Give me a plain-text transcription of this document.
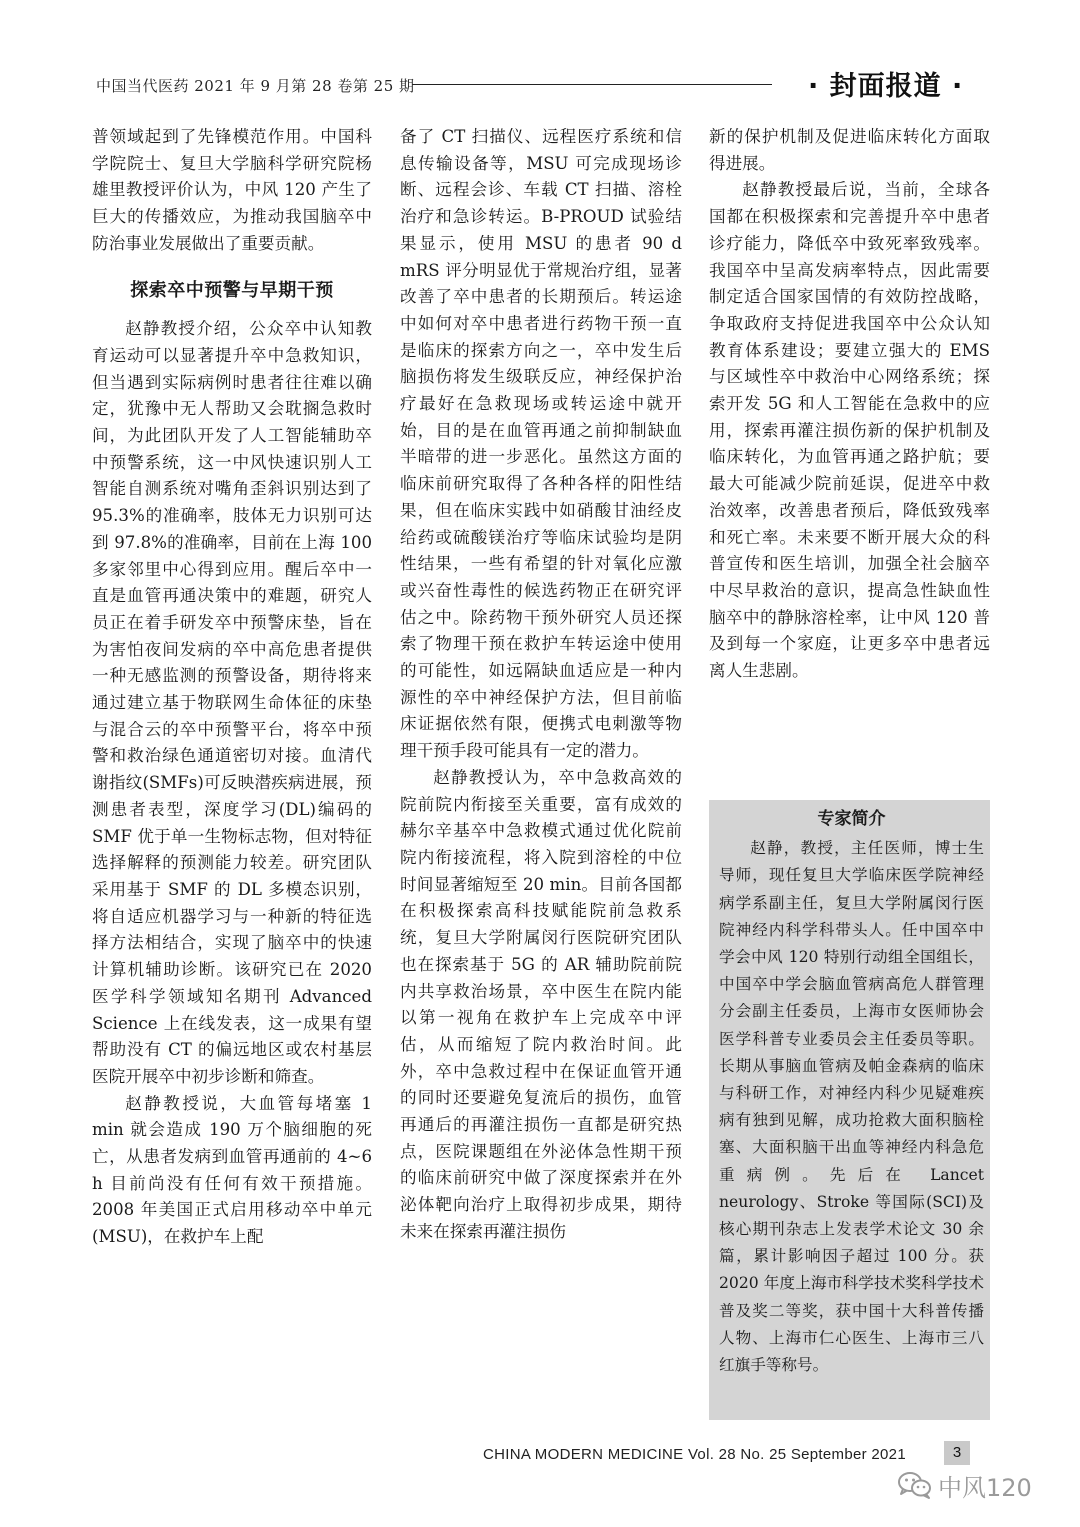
中国当代医药 2021 年 9 月第 28 卷第 25 期	· 封面报道 ·

普领域起到了先锋模范作用。中国科学院院士、复旦大学脑科学研究院杨雄里教授评价认为，中风 120 产生了巨大的传播效应，为推动我国脑卒中防治事业发展做出了重要贡献。

探索卒中预警与早期干预

赵静教授介绍，公众卒中认知教育运动可以显著提升卒中急救知识，但当遇到实际病例时患者往往难以确定，犹豫中无人帮助又会耽搁急救时间，为此团队开发了人工智能辅助卒中预警系统，这一中风快速识别人工智能自测系统对嘴角歪斜识别达到了 95.3%的准确率，肢体无力识别可达到 97.8%的准确率，目前在上海 100 多家邻里中心得到应用。醒后卒中一直是血管再通决策中的难题，研究人员正在着手研发卒中预警床垫，旨在为害怕夜间发病的卒中高危患者提供一种无感监测的预警设备，期待将来通过建立基于物联网生命体征的床垫与混合云的卒中预警平台，将卒中预警和救治绿色通道密切对接。血清代谢指纹(SMFs)可反映潜疾病进展，预测患者表型，深度学习(DL)编码的 SMF 优于单一生物标志物，但对特征选择解释的预测能力较差。研究团队采用基于 SMF 的 DL 多模态识别，将自适应机器学习与一种新的特征选择方法相结合，实现了脑卒中的快速计算机辅助诊断。该研究已在 2020 医学科学领域知名期刊 Advanced Science 上在线发表，这一成果有望帮助没有 CT 的偏远地区或农村基层医院开展卒中初步诊断和筛查。

赵静教授说，大血管每堵塞 1 min 就会造成 190 万个脑细胞的死亡，从患者发病到血管再通前的 4~6 h 目前尚没有任何有效干预措施。2008 年美国正式启用移动卒中单元(MSU)，在救护车上配

备了 CT 扫描仪、远程医疗系统和信息传输设备等，MSU 可完成现场诊断、远程会诊、车载 CT 扫描、溶栓治疗和急诊转运。B-PROUD 试验结果显示，使用 MSU 的患者 90 d mRS 评分明显优于常规治疗组，显著改善了卒中患者的长期预后。转运途中如何对卒中患者进行药物干预一直是临床的探索方向之一，卒中发生后脑损伤将发生级联反应，神经保护治疗最好在急救现场或转运途中就开始，目的是在血管再通之前抑制缺血半暗带的进一步恶化。虽然这方面的临床前研究取得了各种各样的阳性结果，但在临床实践中如硝酸甘油经皮给药或硫酸镁治疗等临床试验均是阴性结果，一些有希望的针对氧化应激或兴奋性毒性的候选药物正在研究评估之中。除药物干预外研究人员还探索了物理干预在救护车转运途中使用的可能性，如远隔缺血适应是一种内源性的卒中神经保护方法，但目前临床证据依然有限，便携式电刺激等物理干预手段可能具有一定的潜力。

赵静教授认为，卒中急救高效的院前院内衔接至关重要，富有成效的赫尔辛基卒中急救模式通过优化院前院内衔接流程，将入院到溶栓的中位时间显著缩短至 20 min。目前各国都在积极探索高科技赋能院前急救系统，复旦大学附属闵行医院研究团队也在探索基于 5G 的 AR 辅助院前院内共享救治场景，卒中医生在院内能以第一视角在救护车上完成卒中评估，从而缩短了院内救治时间。此外，卒中急救过程中在保证血管开通的同时还要避免复流后的损伤，血管再通后的再灌注损伤一直都是研究热点，医院课题组在外泌体急性期干预的临床前研究中做了深度探索并在外泌体靶向治疗上取得初步成果，期待未来在探索再灌注损伤

新的保护机制及促进临床转化方面取得进展。

赵静教授最后说，当前，全球各国都在积极探索和完善提升卒中患者诊疗能力，降低卒中致死率致残率。我国卒中呈高发病率特点，因此需要制定适合国家国情的有效防控战略，争取政府支持促进我国卒中公众认知教育体系建设；要建立强大的 EMS 与区域性卒中救治中心网络系统；探索开发 5G 和人工智能在急救中的应用，探索再灌注损伤新的保护机制及临床转化，为血管再通之路护航；要最大可能减少院前延误，促进卒中救治效率，改善患者预后，降低致残率和死亡率。未来要不断开展大众的科普宣传和医生培训，加强全社会脑卒中尽早救治的意识，提高急性缺血性脑卒中的静脉溶栓率，让中风 120 普及到每一个家庭，让更多卒中患者远离人生悲剧。

专家简介

赵静，教授，主任医师，博士生导师，现任复旦大学临床医学院神经病学系副主任，复旦大学附属闵行医院神经内科学科带头人。任中国卒中学会中风 120 特别行动组全国组长，中国卒中学会脑血管病高危人群管理分会副主任委员，上海市女医师协会医学科普专业委员会主任委员等职。长期从事脑血管病及帕金森病的临床与科研工作，对神经内科少见疑难疾病有独到见解，成功抢救大面积脑栓塞、大面积脑干出血等神经内科急危重病例。先后在 Lancet neurology、Stroke 等国际(SCI)及核心期刊杂志上发表学术论文 30 余篇，累计影响因子超过 100 分。获 2020 年度上海市科学技术奖科学技术普及奖二等奖，获中国十大科普传播人物、上海市仁心医生、上海市三八红旗手等称号。

CHINA MODERN MEDICINE Vol. 28 No. 25 September 2021	3
中风120
